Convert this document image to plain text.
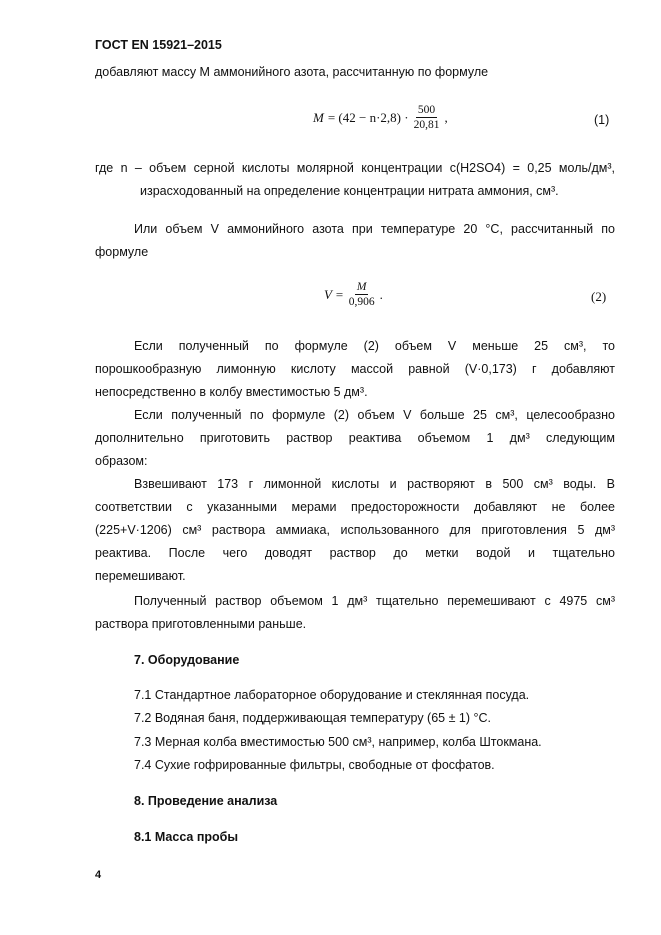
ГОСТ EN 15921–2015

добавляют массу M аммонийного азота, рассчитанную по формуле

$M = (42 - n\cdot 2,8) \cdot \frac{500}{20,81}$ ,	(1)

где n – объем серной кислоты молярной концентрации c(H2SO4) = 0,25 моль/дм³,

израсходованный на определение концентрации нитрата аммония, см³.

Или объем V аммонийного азота при температуре 20 °С, рассчитанный по

формуле

$V = \frac{M}{0,906}$ .	(2)

Если полученный по формуле (2) объем V меньше 25 см³, то

порошкообразную лимонную кислоту массой равной (V·0,173) г добавляют

непосредственно в колбу вместимостью 5 дм³.

Если полученный по формуле (2) объем V больше 25 см³, целесообразно

дополнительно приготовить раствор реактива объемом 1 дм³ следующим

образом:

Взвешивают 173 г лимонной кислоты и растворяют в 500 см³ воды. В

соответствии с указанными мерами предосторожности добавляют не более

(225+V·1206) см³ раствора аммиака, использованного для приготовления 5 дм³

реактива. После чего доводят раствор до метки водой и тщательно

перемешивают.

Полученный раствор объемом 1 дм³ тщательно перемешивают с 4975 см³

раствора приготовленными раньше.

7. Оборудование
7.1 Стандартное лабораторное оборудование и стеклянная посуда.
7.2 Водяная баня, поддерживающая температуру (65 ± 1) °С.
7.3 Мерная колба вместимостью 500 см³, например, колба Штокмана.
7.4 Сухие гофрированные фильтры, свободные от фосфатов.
8. Проведение анализа
8.1 Масса пробы
4
